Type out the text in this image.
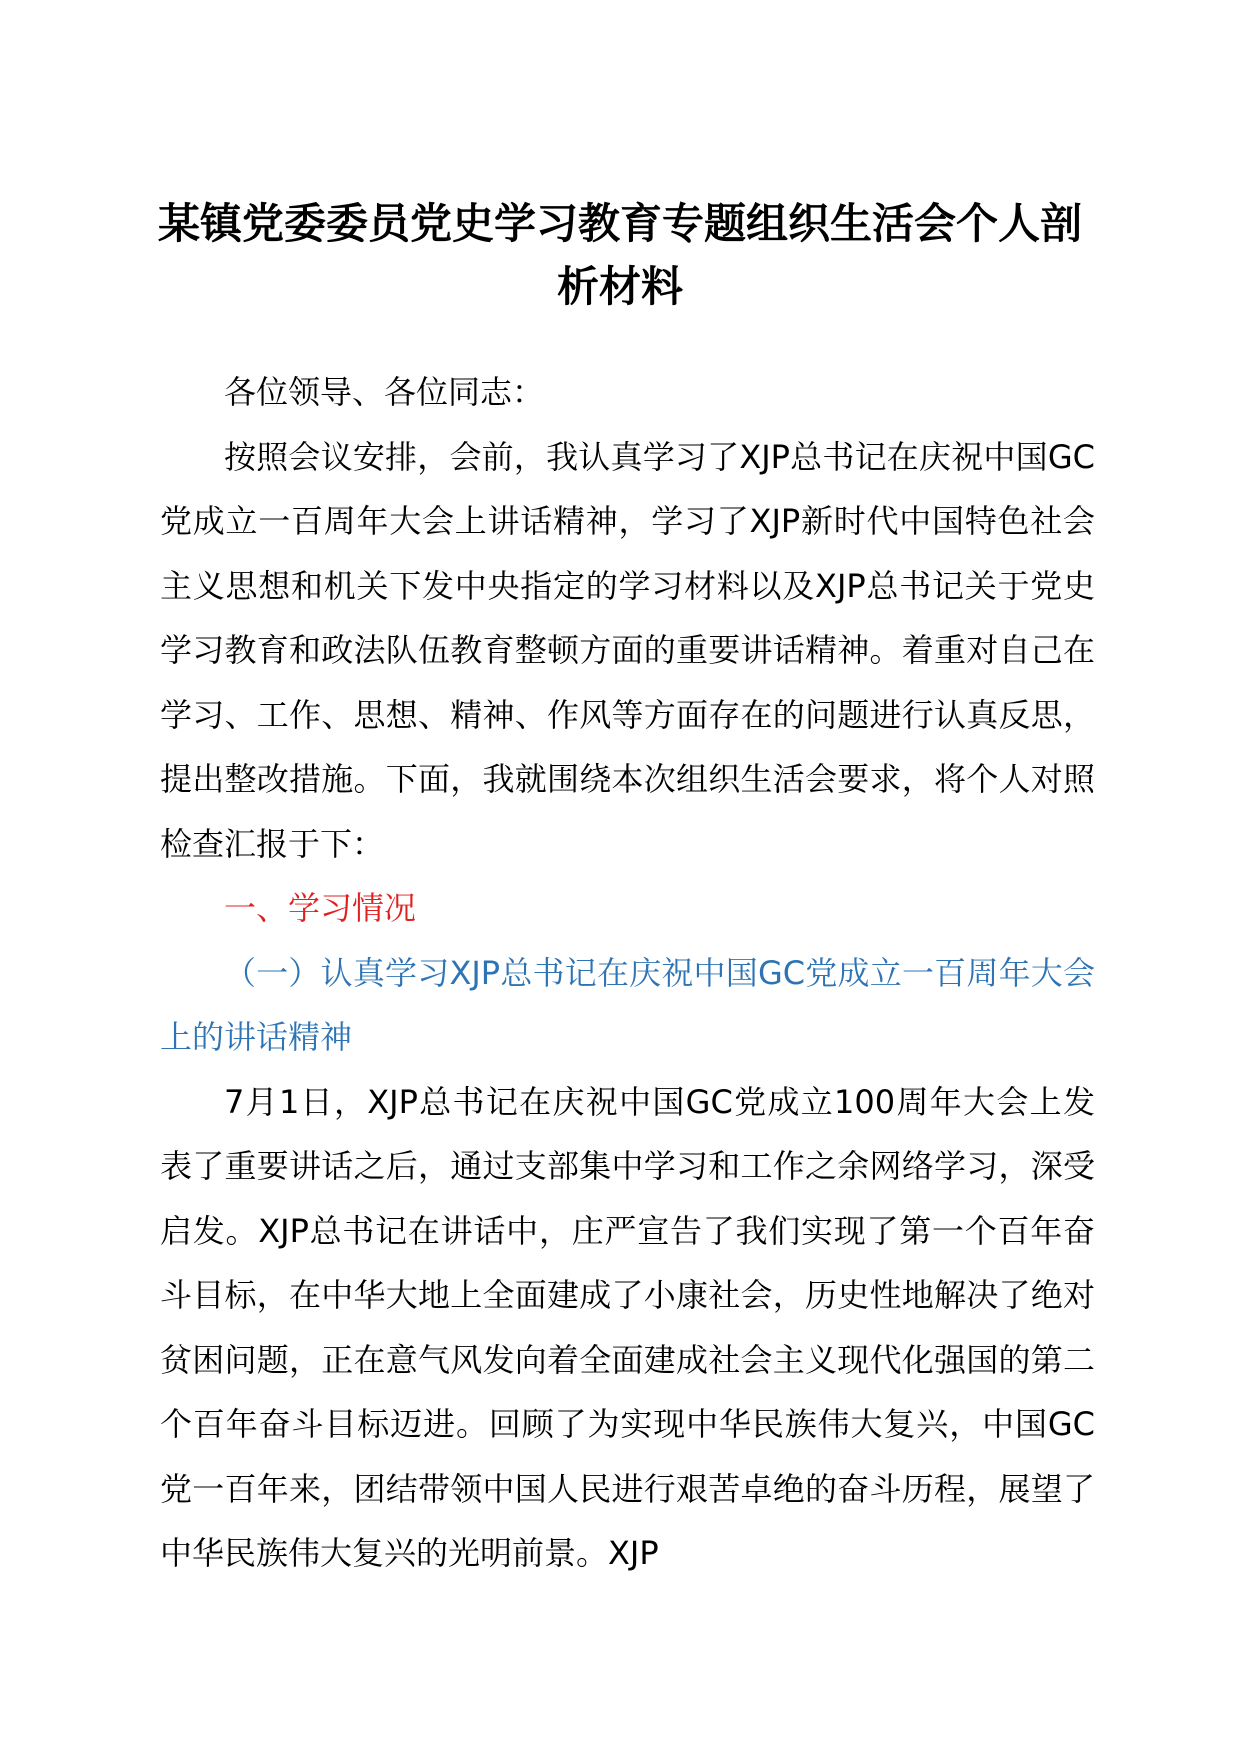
某镇党委委员党史学习教育专题组织生活会个人剖析材料

各位领导、各位同志：

按照会议安排，会前，我认真学习了XJP总书记在庆祝中国GC党成立一百周年大会上讲话精神，学习了XJP新时代中国特色社会主义思想和机关下发中央指定的学习材料以及XJP总书记关于党史学习教育和政法队伍教育整顿方面的重要讲话精神。着重对自己在学习、工作、思想、精神、作风等方面存在的问题进行认真反思，提出整改措施。下面，我就围绕本次组织生活会要求，将个人对照检查汇报于下：

一、学习情况

（一）认真学习XJP总书记在庆祝中国GC党成立一百周年大会上的讲话精神

7月1日，XJP总书记在庆祝中国GC党成立100周年大会上发表了重要讲话之后，通过支部集中学习和工作之余网络学习，深受启发。XJP总书记在讲话中，庄严宣告了我们实现了第一个百年奋斗目标，在中华大地上全面建成了小康社会，历史性地解决了绝对贫困问题，正在意气风发向着全面建成社会主义现代化强国的第二个百年奋斗目标迈进。回顾了为实现中华民族伟大复兴，中国GC党一百年来，团结带领中国人民进行艰苦卓绝的奋斗历程，展望了中华民族伟大复兴的光明前景。XJP
